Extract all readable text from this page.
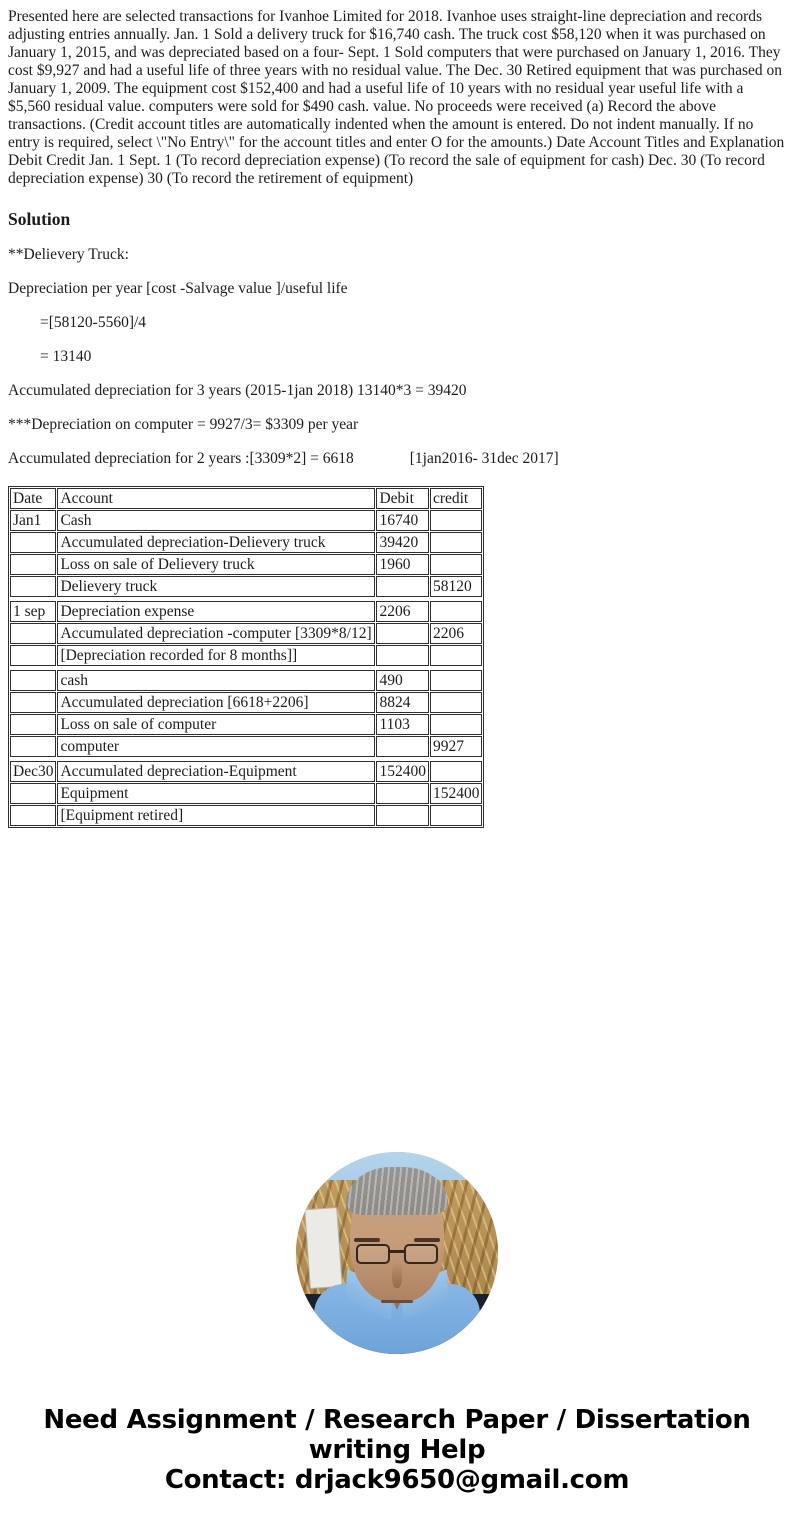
Presented here are selected transactions for Ivanhoe Limited for 2018. Ivanhoe uses straight-line depreciation and records adjusting entries annually. Jan. 1 Sold a delivery truck for $16,740 cash. The truck cost $58,120 when it was purchased on January 1, 2015, and was depreciated based on a four- Sept. 1 Sold computers that were purchased on January 1, 2016. They cost $9,927 and had a useful life of three years with no residual value. The Dec. 30 Retired equipment that was purchased on January 1, 2009. The equipment cost $152,400 and had a useful life of 10 years with no residual year useful life with a $5,560 residual value. computers were sold for $490 cash. value. No proceeds were received (a) Record the above transactions. (Credit account titles are automatically indented when the amount is entered. Do not indent manually. If no entry is required, select \"No Entry\" for the account titles and enter O for the amounts.) Date Account Titles and Explanation Debit Credit Jan. 1 Sept. 1 (To record depreciation expense) (To record the sale of equipment for cash) Dec. 30 (To record depreciation expense) 30 (To record the retirement of equipment)

Solution

**Delievery Truck:

Depreciation per year [cost -Salvage value ]/useful life

=[58120-5560]/4

= 13140

Accumulated depreciation for 3 years (2015-1jan 2018) 13140*3 = 39420

***Depreciation on computer = 9927/3= $3309 per year

Accumulated depreciation for 2 years :[3309*2] = 6618	[1jan2016- 31dec 2017]

Date	Account	Debit	credit
Jan1	Cash	16740	
	Accumulated depreciation-Delievery truck	39420	
	Loss on sale of Delievery truck	1960	
	Delievery truck		58120

1 sep	Depreciation expense	2206	
	Accumulated depreciation -computer [3309*8/12]		2206
	[Depreciation recorded for 8 months]]		

	cash	490	
	Accumulated depreciation [6618+2206]	8824	
	Loss on sale of computer	1103	
	computer		9927

Dec30	Accumulated depreciation-Equipment	152400	
	Equipment		152400
	[Equipment retired]		
Need Assignment / Research Paper / Dissertation
writing Help
Contact: drjack9650@gmail.com
